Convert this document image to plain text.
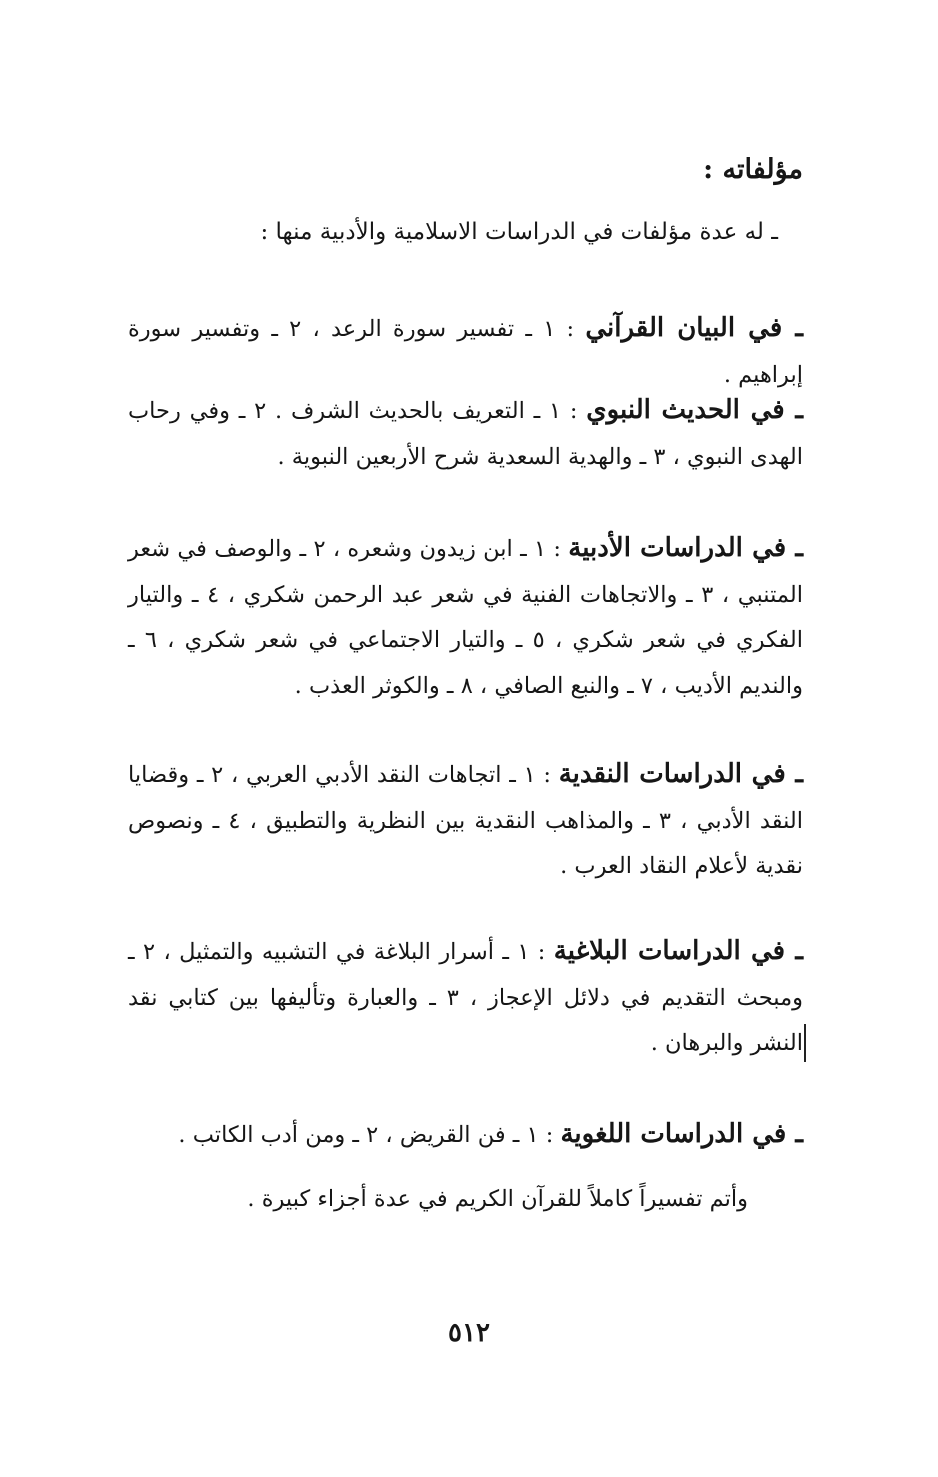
مؤلفاته :
ـ له عدة مؤلفات في الدراسات الاسلامية والأدبية منها :

ـ في البيان القرآني : ١ ـ تفسير سورة الرعد ، ٢ ـ وتفسير سورة إبراهيم .

ـ في الحديث النبوي : ١ ـ التعريف بالحديث الشرف . ٢ ـ وفي رحاب الهدى النبوي ، ٣ ـ والهدية السعدية شرح الأربعين النبوية .

ـ في الدراسات الأدبية : ١ ـ ابن زيدون وشعره ، ٢ ـ والوصف في شعر المتنبي ، ٣ ـ والاتجاهات الفنية في شعر عبد الرحمن شكري ، ٤ ـ والتيار الفكري في شعر شكري ، ٥ ـ والتيار الاجتماعي في شعر شكري ، ٦ ـ والنديم الأديب ، ٧ ـ والنبع الصافي ، ٨ ـ والكوثر العذب .

ـ في الدراسات النقدية : ١ ـ اتجاهات النقد الأدبي العربي ، ٢ ـ وقضايا النقد الأدبي ، ٣ ـ والمذاهب النقدية بين النظرية والتطبيق ، ٤ ـ ونصوص نقدية لأعلام النقاد العرب .

ـ في الدراسات البلاغية : ١ ـ أسرار البلاغة في التشبيه والتمثيل ، ٢ ـ ومبحث التقديم في دلائل الإعجاز ، ٣ ـ والعبارة وتأليفها بين كتابي نقد النشر والبرهان .

ـ في الدراسات اللغوية : ١ ـ فن القريض ، ٢ ـ ومن أدب الكاتب .

وأتم تفسيراً كاملاً للقرآن الكريم في عدة أجزاء كبيرة .
٥١٢
